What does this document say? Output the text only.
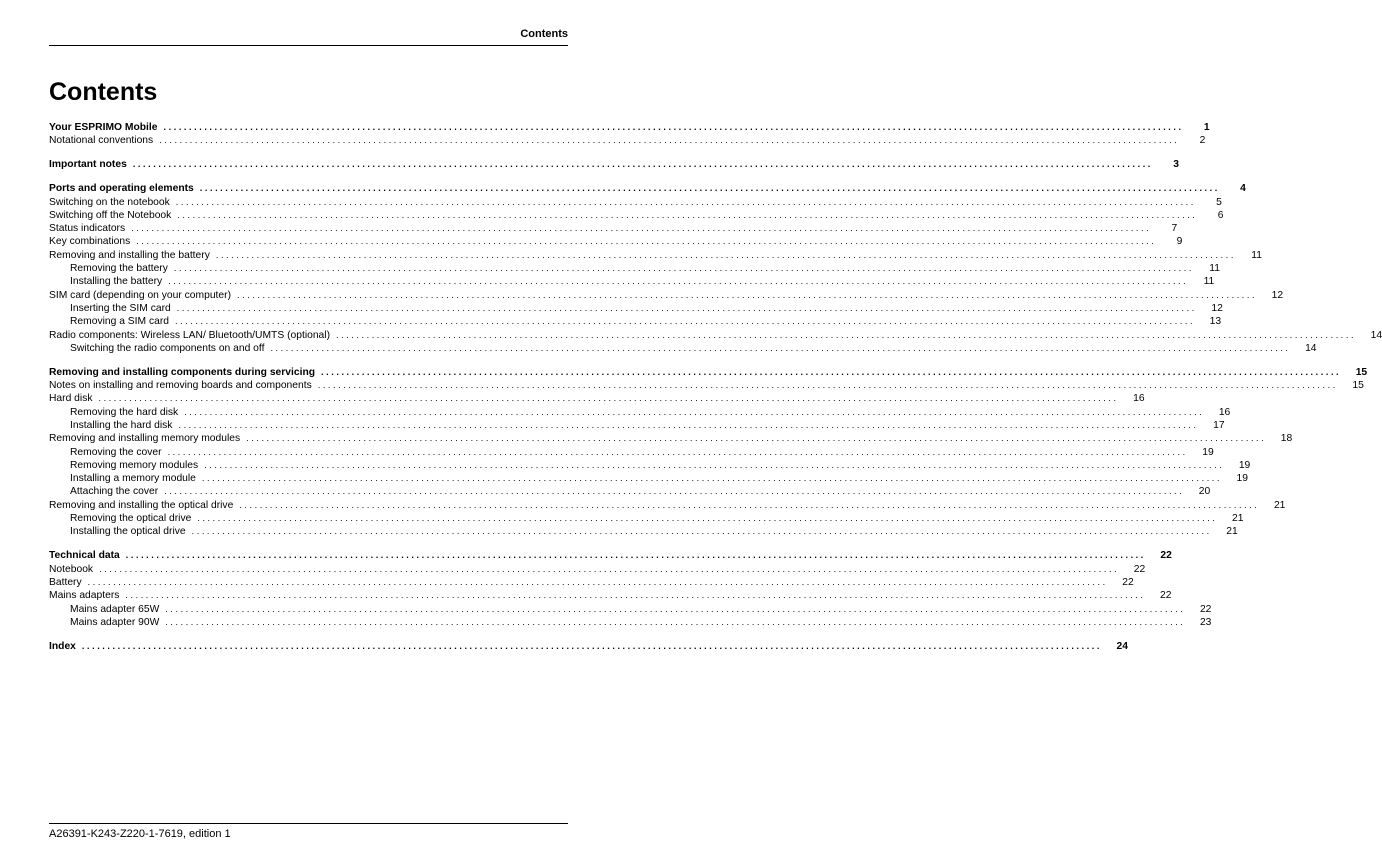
Contents
Contents
Your ESPRIMO Mobile ........................................................................................................................................................................................................	1
Notational conventions ........................................................................................................................................................................................................	2
Important notes ........................................................................................................................................................................................................	3
Ports and operating elements ........................................................................................................................................................................................................	4
Switching on the notebook ........................................................................................................................................................................................................	5
Switching off the Notebook ........................................................................................................................................................................................................	6
Status indicators ........................................................................................................................................................................................................	7
Key combinations ........................................................................................................................................................................................................	9
Removing and installing the battery ........................................................................................................................................................................................................	11
Removing the battery ........................................................................................................................................................................................................	11
Installing the battery ........................................................................................................................................................................................................	11
SIM card (depending on your computer) ........................................................................................................................................................................................................	12
Inserting the SIM card ........................................................................................................................................................................................................	12
Removing a SIM card ........................................................................................................................................................................................................	13
Radio components: Wireless LAN/ Bluetooth/UMTS (optional) ........................................................................................................................................................................................................	14
Switching the radio components on and off ........................................................................................................................................................................................................	14
Removing and installing components during servicing ........................................................................................................................................................................................................	15
Notes on installing and removing boards and components ........................................................................................................................................................................................................	15
Hard disk ........................................................................................................................................................................................................	16
Removing the hard disk ........................................................................................................................................................................................................	16
Installing the hard disk ........................................................................................................................................................................................................	17
Removing and installing memory modules ........................................................................................................................................................................................................	18
Removing the cover ........................................................................................................................................................................................................	19
Removing memory modules ........................................................................................................................................................................................................	19
Installing a memory module ........................................................................................................................................................................................................	19
Attaching the cover ........................................................................................................................................................................................................	20
Removing and installing the optical drive ........................................................................................................................................................................................................	21
Removing the optical drive ........................................................................................................................................................................................................	21
Installing the optical drive ........................................................................................................................................................................................................	21
Technical data ........................................................................................................................................................................................................	22
Notebook ........................................................................................................................................................................................................	22
Battery ........................................................................................................................................................................................................	22
Mains adapters ........................................................................................................................................................................................................	22
Mains adapter 65W ........................................................................................................................................................................................................	22
Mains adapter 90W ........................................................................................................................................................................................................	23
Index ........................................................................................................................................................................................................	24
A26391-K243-Z220-1-7619, edition 1
